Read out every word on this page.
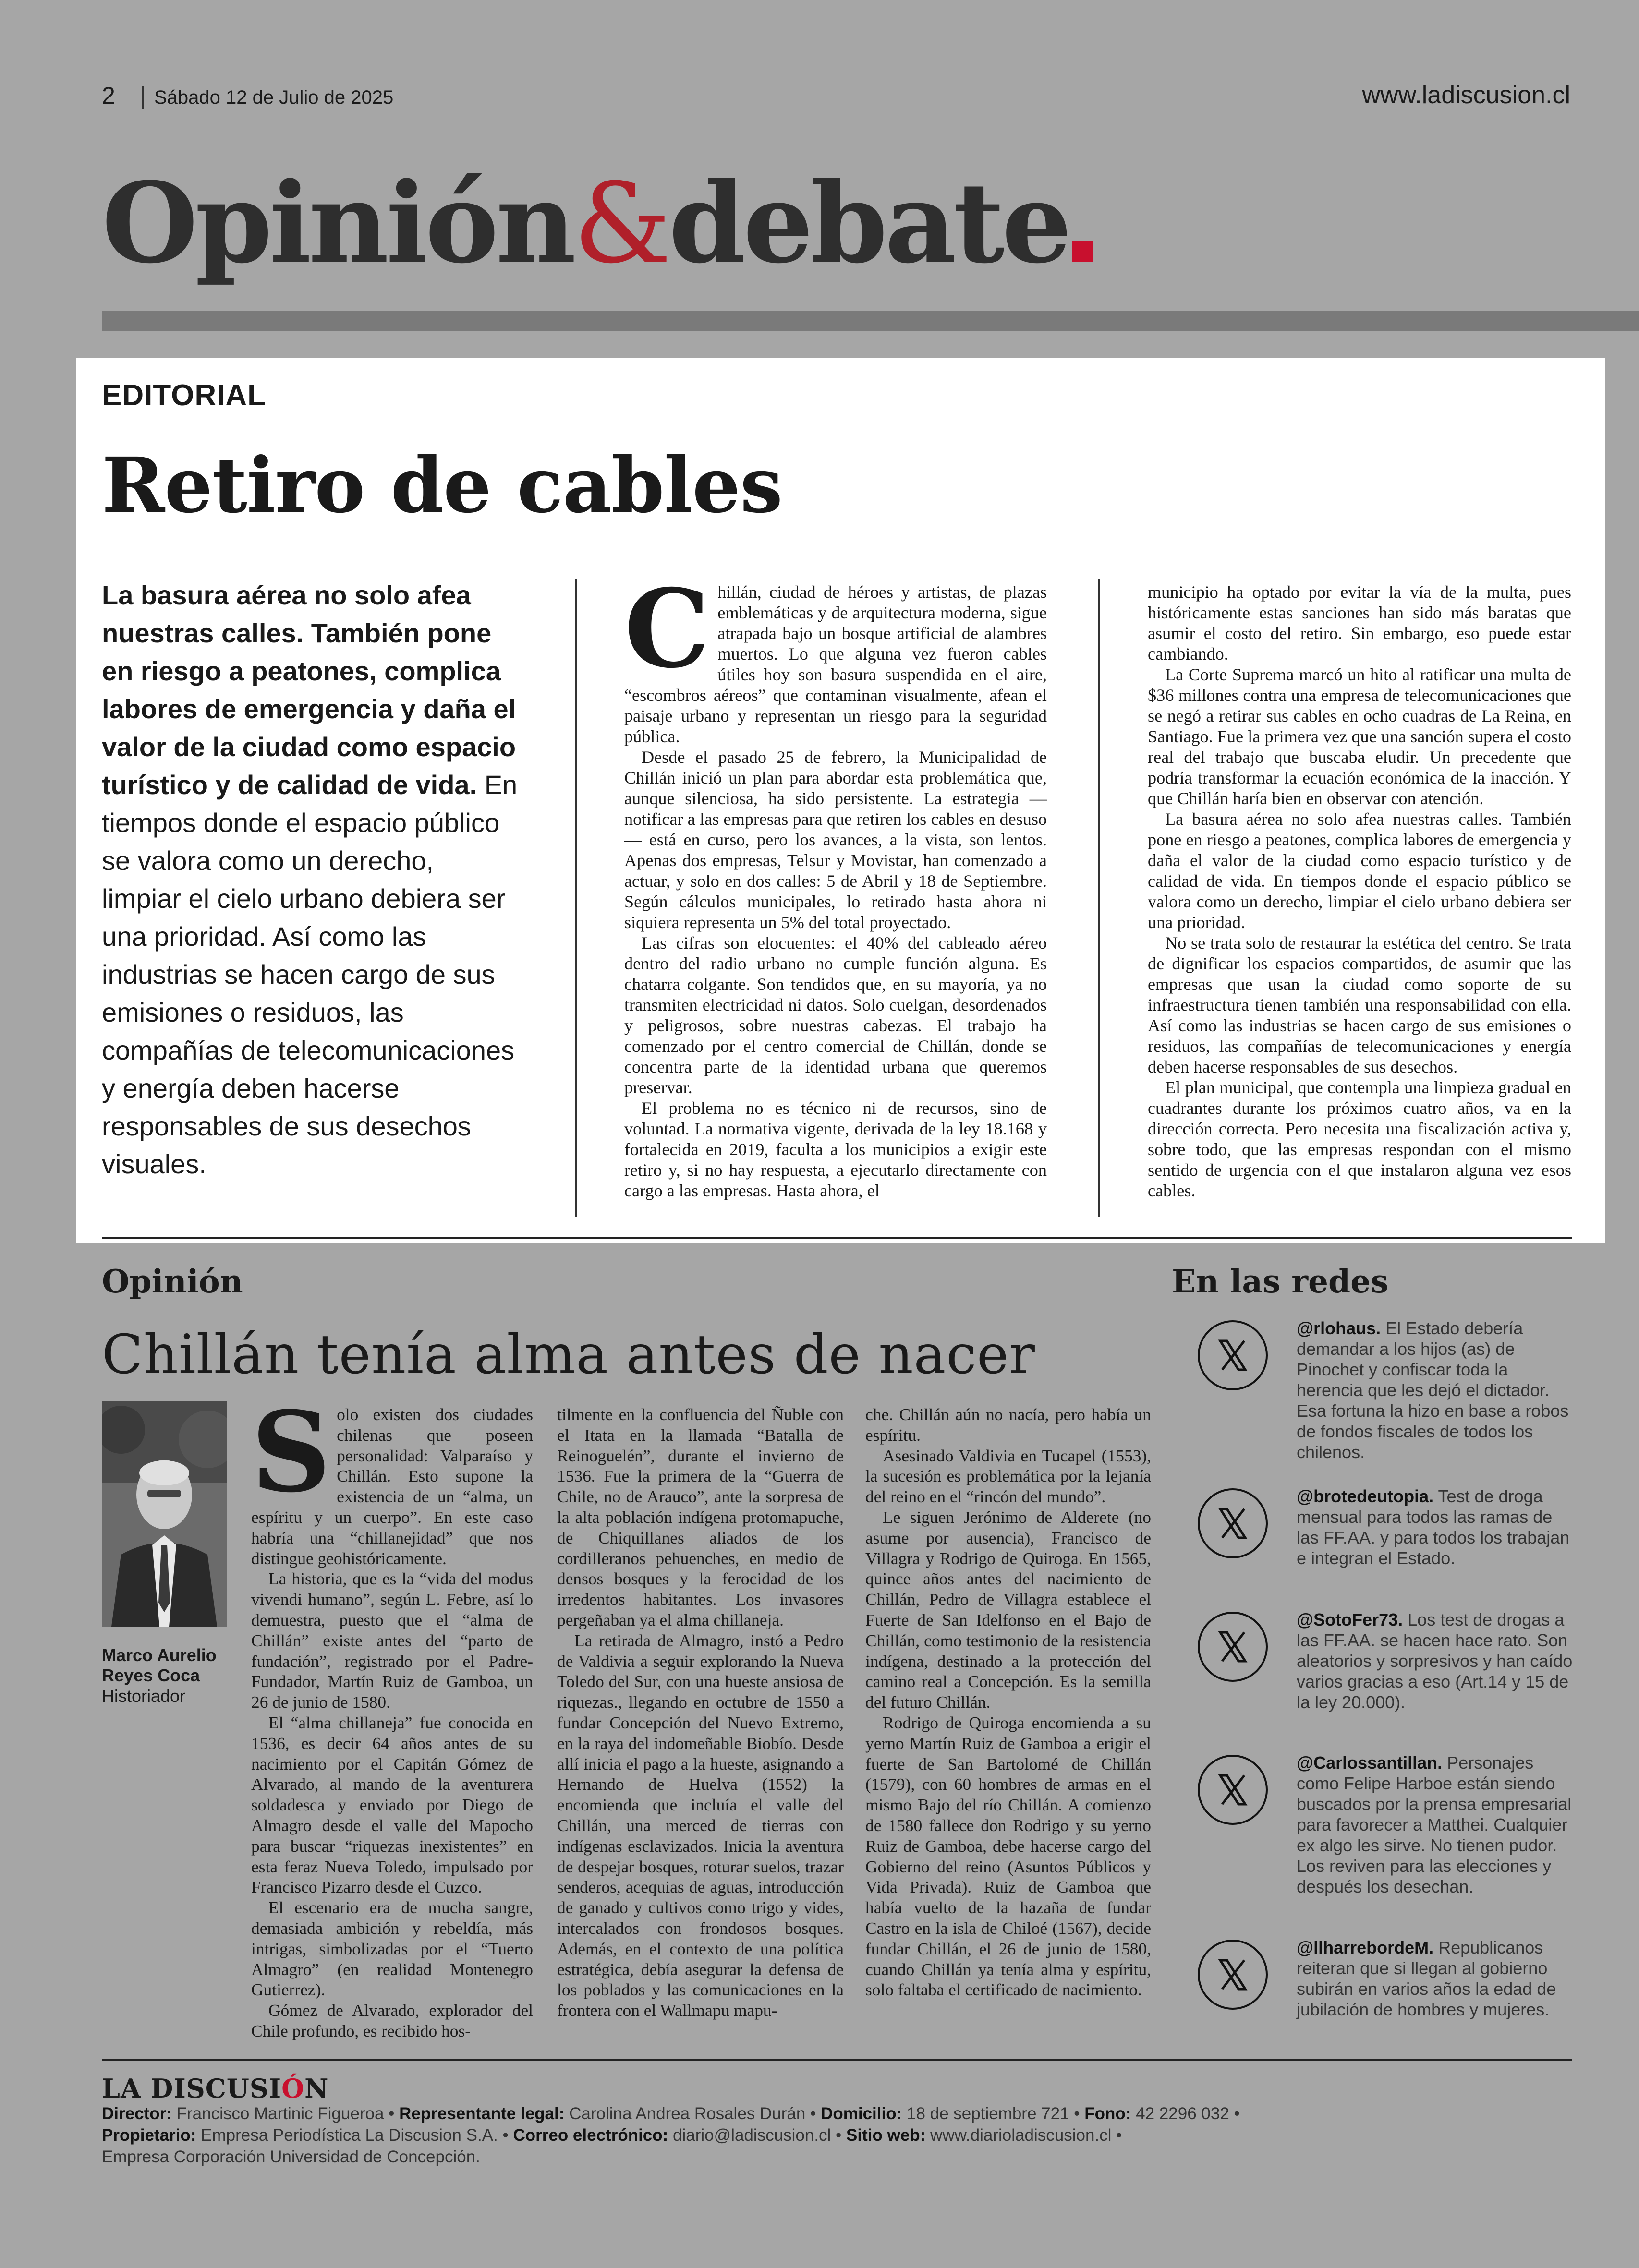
2	Sábado 12 de Julio de 2025	www.ladiscusion.cl
Opinión&debate
EDITORIAL
Retiro de cables
La basura aérea no solo afea nuestras calles. También pone en riesgo a peatones, complica labores de emergencia y daña el valor de la ciudad como espacio turístico y de calidad de vida. En tiempos donde el espacio público se valora como un derecho, limpiar el cielo urbano debiera ser una prioridad. Así como las industrias se hacen cargo de sus emisiones o residuos, las compañías de telecomunicaciones y energía deben hacerse responsables de sus desechos visuales.

Chillán, ciudad de héroes y artistas, de plazas emblemáticas y de arquitectura moderna, sigue atrapada bajo un bosque artificial de alambres muertos. Lo que alguna vez fueron cables útiles hoy son basura suspendida en el aire, “escombros aéreos” que contaminan visualmente, afean el paisaje urbano y representan un riesgo para la seguridad pública.

Desde el pasado 25 de febrero, la Municipalidad de Chillán inició un plan para abordar esta problemática que, aunque silenciosa, ha sido persistente. La estrategia —notificar a las empresas para que retiren los cables en desuso— está en curso, pero los avances, a la vista, son lentos. Apenas dos empresas, Telsur y Movistar, han comenzado a actuar, y solo en dos calles: 5 de Abril y 18 de Septiembre. Según cálculos municipales, lo retirado hasta ahora ni siquiera representa un 5% del total proyectado.

Las cifras son elocuentes: el 40% del cableado aéreo dentro del radio urbano no cumple función alguna. Es chatarra colgante. Son tendidos que, en su mayoría, ya no transmiten electricidad ni datos. Solo cuelgan, desordenados y peligrosos, sobre nuestras cabezas. El trabajo ha comenzado por el centro comercial de Chillán, donde se concentra parte de la identidad urbana que queremos preservar.

El problema no es técnico ni de recursos, sino de voluntad. La normativa vigente, derivada de la ley 18.168 y fortalecida en 2019, faculta a los municipios a exigir este retiro y, si no hay respuesta, a ejecutarlo directamente con cargo a las empresas. Hasta ahora, el

municipio ha optado por evitar la vía de la multa, pues históricamente estas sanciones han sido más baratas que asumir el costo del retiro. Sin embargo, eso puede estar cambiando.

La Corte Suprema marcó un hito al ratificar una multa de $36 millones contra una empresa de telecomunicaciones que se negó a retirar sus cables en ocho cuadras de La Reina, en Santiago. Fue la primera vez que una sanción supera el costo real del trabajo que buscaba eludir. Un precedente que podría transformar la ecuación económica de la inacción. Y que Chillán haría bien en observar con atención.

La basura aérea no solo afea nuestras calles. También pone en riesgo a peatones, complica labores de emergencia y daña el valor de la ciudad como espacio turístico y de calidad de vida. En tiempos donde el espacio público se valora como un derecho, limpiar el cielo urbano debiera ser una prioridad.

No se trata solo de restaurar la estética del centro. Se trata de dignificar los espacios compartidos, de asumir que las empresas que usan la ciudad como soporte de su infraestructura tienen también una responsabilidad con ella. Así como las industrias se hacen cargo de sus emisiones o residuos, las compañías de telecomunicaciones y energía deben hacerse responsables de sus desechos.

El plan municipal, que contempla una limpieza gradual en cuadrantes durante los próximos cuatro años, va en la dirección correcta. Pero necesita una fiscalización activa y, sobre todo, que las empresas respondan con el mismo sentido de urgencia con el que instalaron alguna vez esos cables.

Opinión
Chillán tenía alma antes de nacer
Marco Aurelio Reyes Coca
Historiador

Solo existen dos ciudades chilenas que poseen personalidad: Valparaíso y Chillán. Esto supone la existencia de un “alma, un espíritu y un cuerpo”. En este caso habría una “chillanejidad” que nos distingue geohistóricamente.

La historia, que es la “vida del modus vivendi humano”, según L. Febre, así lo demuestra, puesto que el “alma de Chillán” existe antes del “parto de fundación”, registrado por el Padre-Fundador, Martín Ruiz de Gamboa, un 26 de junio de 1580.

El “alma chillaneja” fue conocida en 1536, es decir 64 años antes de su nacimiento por el Capitán Gómez de Alvarado, al mando de la aventurera soldadesca y enviado por Diego de Almagro desde el valle del Mapocho para buscar “riquezas inexistentes” en esta feraz Nueva Toledo, impulsado por Francisco Pizarro desde el Cuzco.

El escenario era de mucha sangre, demasiada ambición y rebeldía, más intrigas, simbolizadas por el “Tuerto Almagro” (en realidad Montenegro Gutierrez).

Gómez de Alvarado, explorador del Chile profundo, es recibido hos-

tilmente en la confluencia del Ñuble con el Itata en la llamada “Batalla de Reinoguelén”, durante el invierno de 1536. Fue la primera de la “Guerra de Chile, no de Arauco”, ante la sorpresa de la alta población indígena protomapuche, de Chiquillanes aliados de los cordilleranos pehuenches, en medio de densos bosques y la ferocidad de los irredentos habitantes. Los invasores pergeñaban ya el alma chillaneja.

La retirada de Almagro, instó a Pedro de Valdivia a seguir explorando la Nueva Toledo del Sur, con una hueste ansiosa de riquezas., llegando en octubre de 1550 a fundar Concepción del Nuevo Extremo, en la raya del indomeñable Biobío. Desde allí inicia el pago a la hueste, asignando a Hernando de Huelva (1552) la encomienda que incluía el valle del Chillán, una merced de tierras con indígenas esclavizados. Inicia la aventura de despejar bosques, roturar suelos, trazar senderos, acequias de aguas, introducción de ganado y cultivos como trigo y vides, intercalados con frondosos bosques. Además, en el contexto de una política estratégica, debía asegurar la defensa de los poblados y las comunicaciones en la frontera con el Wallmapu mapu-

che. Chillán aún no nacía, pero había un espíritu.

Asesinado Valdivia en Tucapel (1553), la sucesión es problemática por la lejanía del reino en el “rincón del mundo”.

Le siguen Jerónimo de Alderete (no asume por ausencia), Francisco de Villagra y Rodrigo de Quiroga. En 1565, quince años antes del nacimiento de Chillán, Pedro de Villagra establece el Fuerte de San Idelfonso en el Bajo de Chillán, como testimonio de la resistencia indígena, destinado a la protección del camino real a Concepción. Es la semilla del futuro Chillán.

Rodrigo de Quiroga encomienda a su yerno Martín Ruiz de Gamboa a erigir el fuerte de San Bartolomé de Chillán (1579), con 60 hombres de armas en el mismo Bajo del río Chillán. A comienzo de 1580 fallece don Rodrigo y su yerno Ruiz de Gamboa, debe hacerse cargo del Gobierno del reino (Asuntos Públicos y Vida Privada). Ruiz de Gamboa que había vuelto de la hazaña de fundar Castro en la isla de Chiloé (1567), decide fundar Chillán, el 26 de junio de 1580, cuando Chillán ya tenía alma y espíritu, solo faltaba el certificado de nacimiento.

En las redes
@rlohaus. El Estado debería demandar a los hijos (as) de Pinochet y confiscar toda la herencia que les dejó el dictador. Esa fortuna la hizo en base a robos de fondos fiscales de todos los chilenos.
@brotedeutopia. Test de droga mensual para todos las ramas de las FF.AA. y para todos los trabajan e integran el Estado.
@SotoFer73. Los test de drogas a las FF.AA. se hacen hace rato. Son aleatorios y sorpresivos y han caído varios gracias a eso (Art.14 y 15 de la ley 20.000).
@Carlossantillan. Personajes como Felipe Harboe están siendo buscados por la prensa empresarial para favorecer a Matthei. Cualquier ex algo les sirve. No tienen pudor. Los reviven para las elecciones y después los desechan.
@llharrebordeM. Republicanos reiteran que si llegan al gobierno subirán en varios años la edad de jubilación de hombres y mujeres.
LA DISCUSIÓN
Director: Francisco Martinic Figueroa • Representante legal: Carolina Andrea Rosales Durán • Domicilio: 18 de septiembre 721 • Fono: 42 2296 032 •
Propietario: Empresa Periodística La Discusion S.A. • Correo electrónico: diario@ladiscusion.cl • Sitio web: www.diarioladiscusion.cl •
Empresa Corporación Universidad de Concepción.
